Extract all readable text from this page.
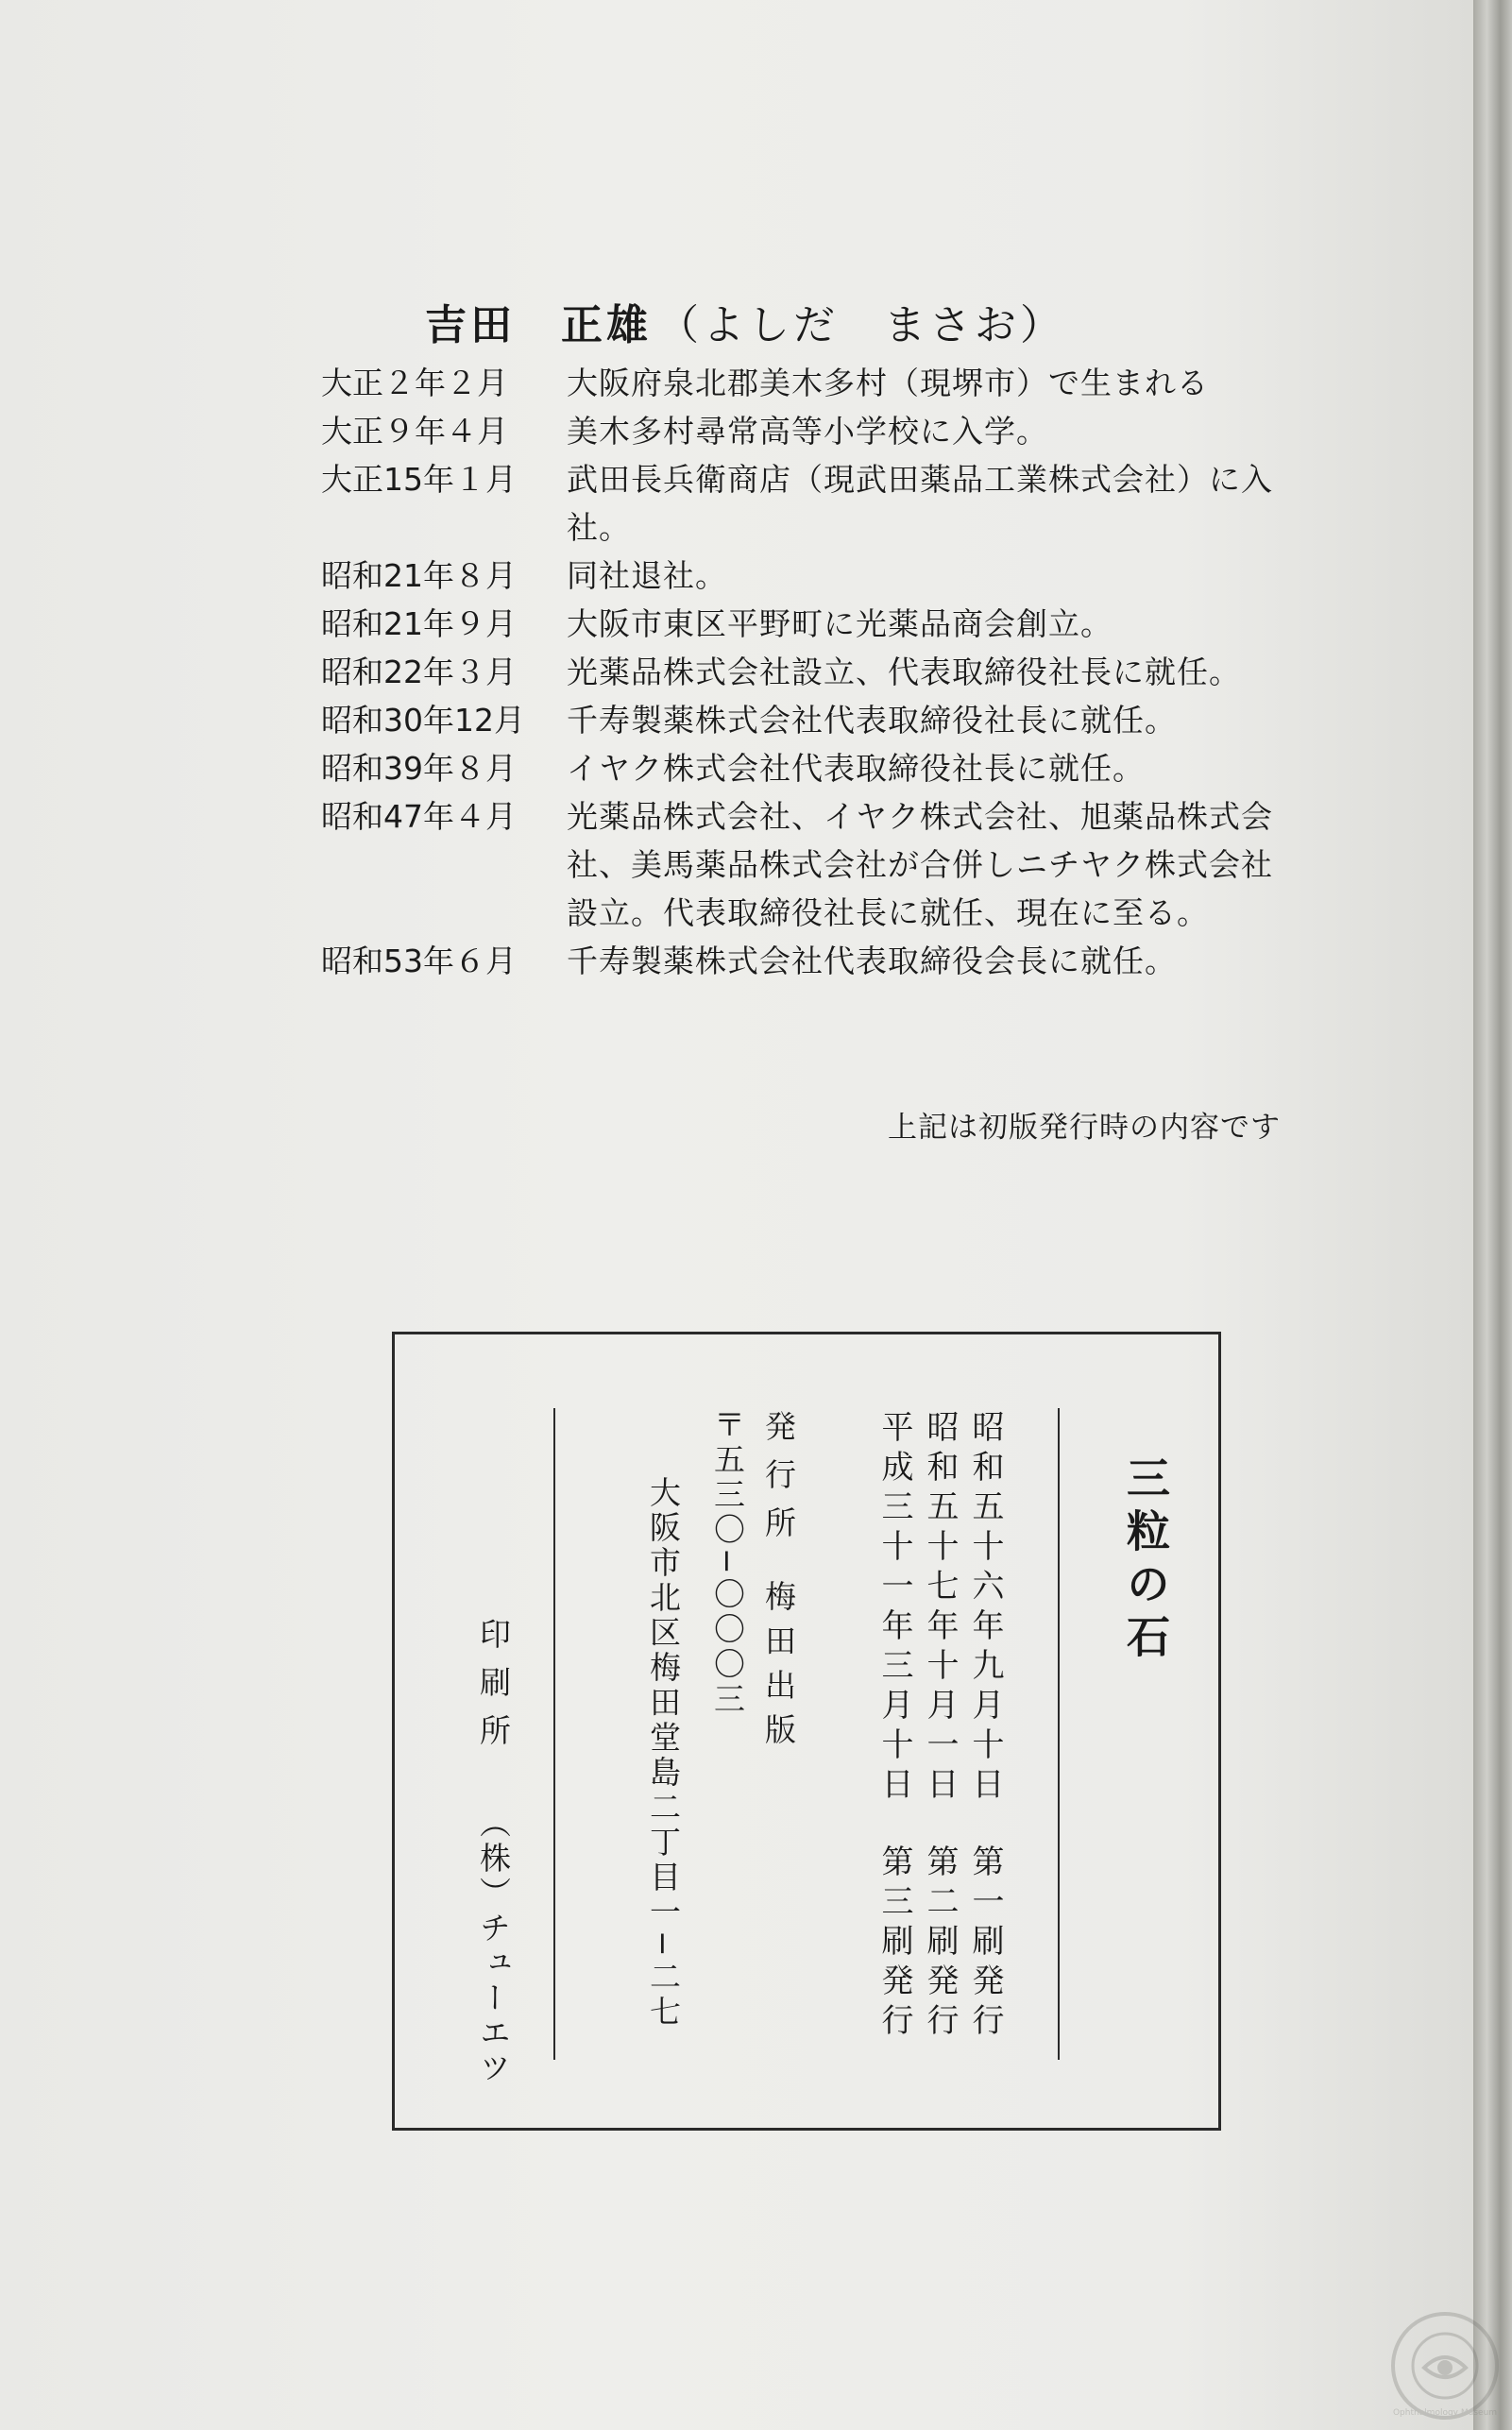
吉田　正雄 （よしだ　まさお）
大正２年２月	大阪府泉北郡美木多村（現堺市）で生まれる
大正９年４月	美木多村尋常高等小学校に入学。
大正15年１月	武田長兵衛商店（現武田薬品工業株式会社）に入社。
昭和21年８月	同社退社。
昭和21年９月	大阪市東区平野町に光薬品商会創立。
昭和22年３月	光薬品株式会社設立、代表取締役社長に就任。
昭和30年12月	千寿製薬株式会社代表取締役社長に就任。
昭和39年８月	イヤク株式会社代表取締役社長に就任。
昭和47年４月	光薬品株式会社、イヤク株式会社、旭薬品株式会社、美馬薬品株式会社が合併しニチヤク株式会社設立。代表取締役社長に就任、現在に至る。
昭和53年６月	千寿製薬株式会社代表取締役会長に就任。
上記は初版発行時の内容です
三粒の石
昭和五十六年九月十日
第一刷発行
昭和五十七年十月一日
第二刷発行
平成三十一年三月十日
第三刷発行
発行所
梅田出版
〒五三〇−〇〇〇三
大阪市北区梅田堂島二丁目一−二七
印刷所
（株）チューエツ
Ophthalmology Museum
